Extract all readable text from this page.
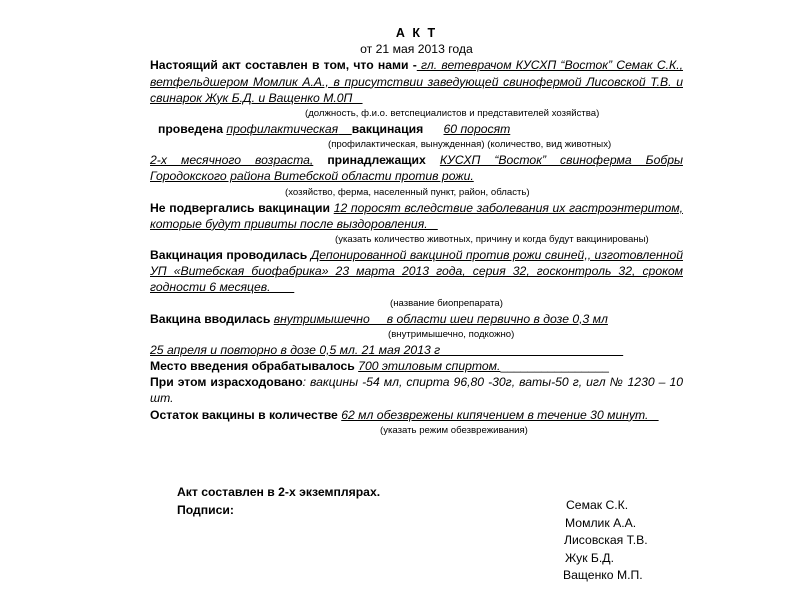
А К Т
от 21 мая 2013 года
Настоящий акт составлен в том, что нами - гл. ветеврачом КУСХП “Восток” Семак С.К., ветфельдшером Момлик А.А., в присутствии заведующей свинофермой Лисовской Т.В. и свинарок Жук Б.Д. и Ващенко М.0П _
(должность, ф.и.о. ветспециалистов и представителей хозяйства)
проведена профилактическая вакцинация 60 поросят
(профилактическая, вынужденная) (количество, вид животных)
2-х месячного возраста, принадлежащих КУСХП “Восток” свиноферма Бобры Городокского района Витебской области против рожи.
(хозяйство, ферма, населенный пункт, район, область)
Не подвергались вакцинации 12 поросят вследствие заболевания их гастроэнтеритом, которые будут привиты после выздоровления. _
(указать количество животных, причину и когда будут вакцинированы)
Вакцинация проводилась Депонированной вакциной против рожи свиней,, изготовленной УП «Витебская биофабрика» 23 марта 2013 года, серия 32, госконтроль 32, сроком годности 6 месяцев. ___
(название биопрепарата)
Вакцина вводилась внутримышечно__ в области шеи первично в дозе 0,3 мл
(внутримышечно, подкожно)
25 апреля и повторно в дозе 0,5 мл. 21 мая 2013 г___________________________
Место введения обрабатывалось 700 этиловым спиртом.________________
При этом израсходовано: вакцины -54 мл, спирта 96,80 -30г, ваты-50 г, игл № 1230 – 10 шт.
Остаток вакцины в количестве 62 мл обезврежены кипячением в течение 30 минут. _
(указать режим обезвреживания)
Акт составлен в 2-х экземплярах.
Подписи:	Семак С.К.
Момлик А.А.
Лисовская Т.В.
Жук Б.Д.
Ващенко М.П.
